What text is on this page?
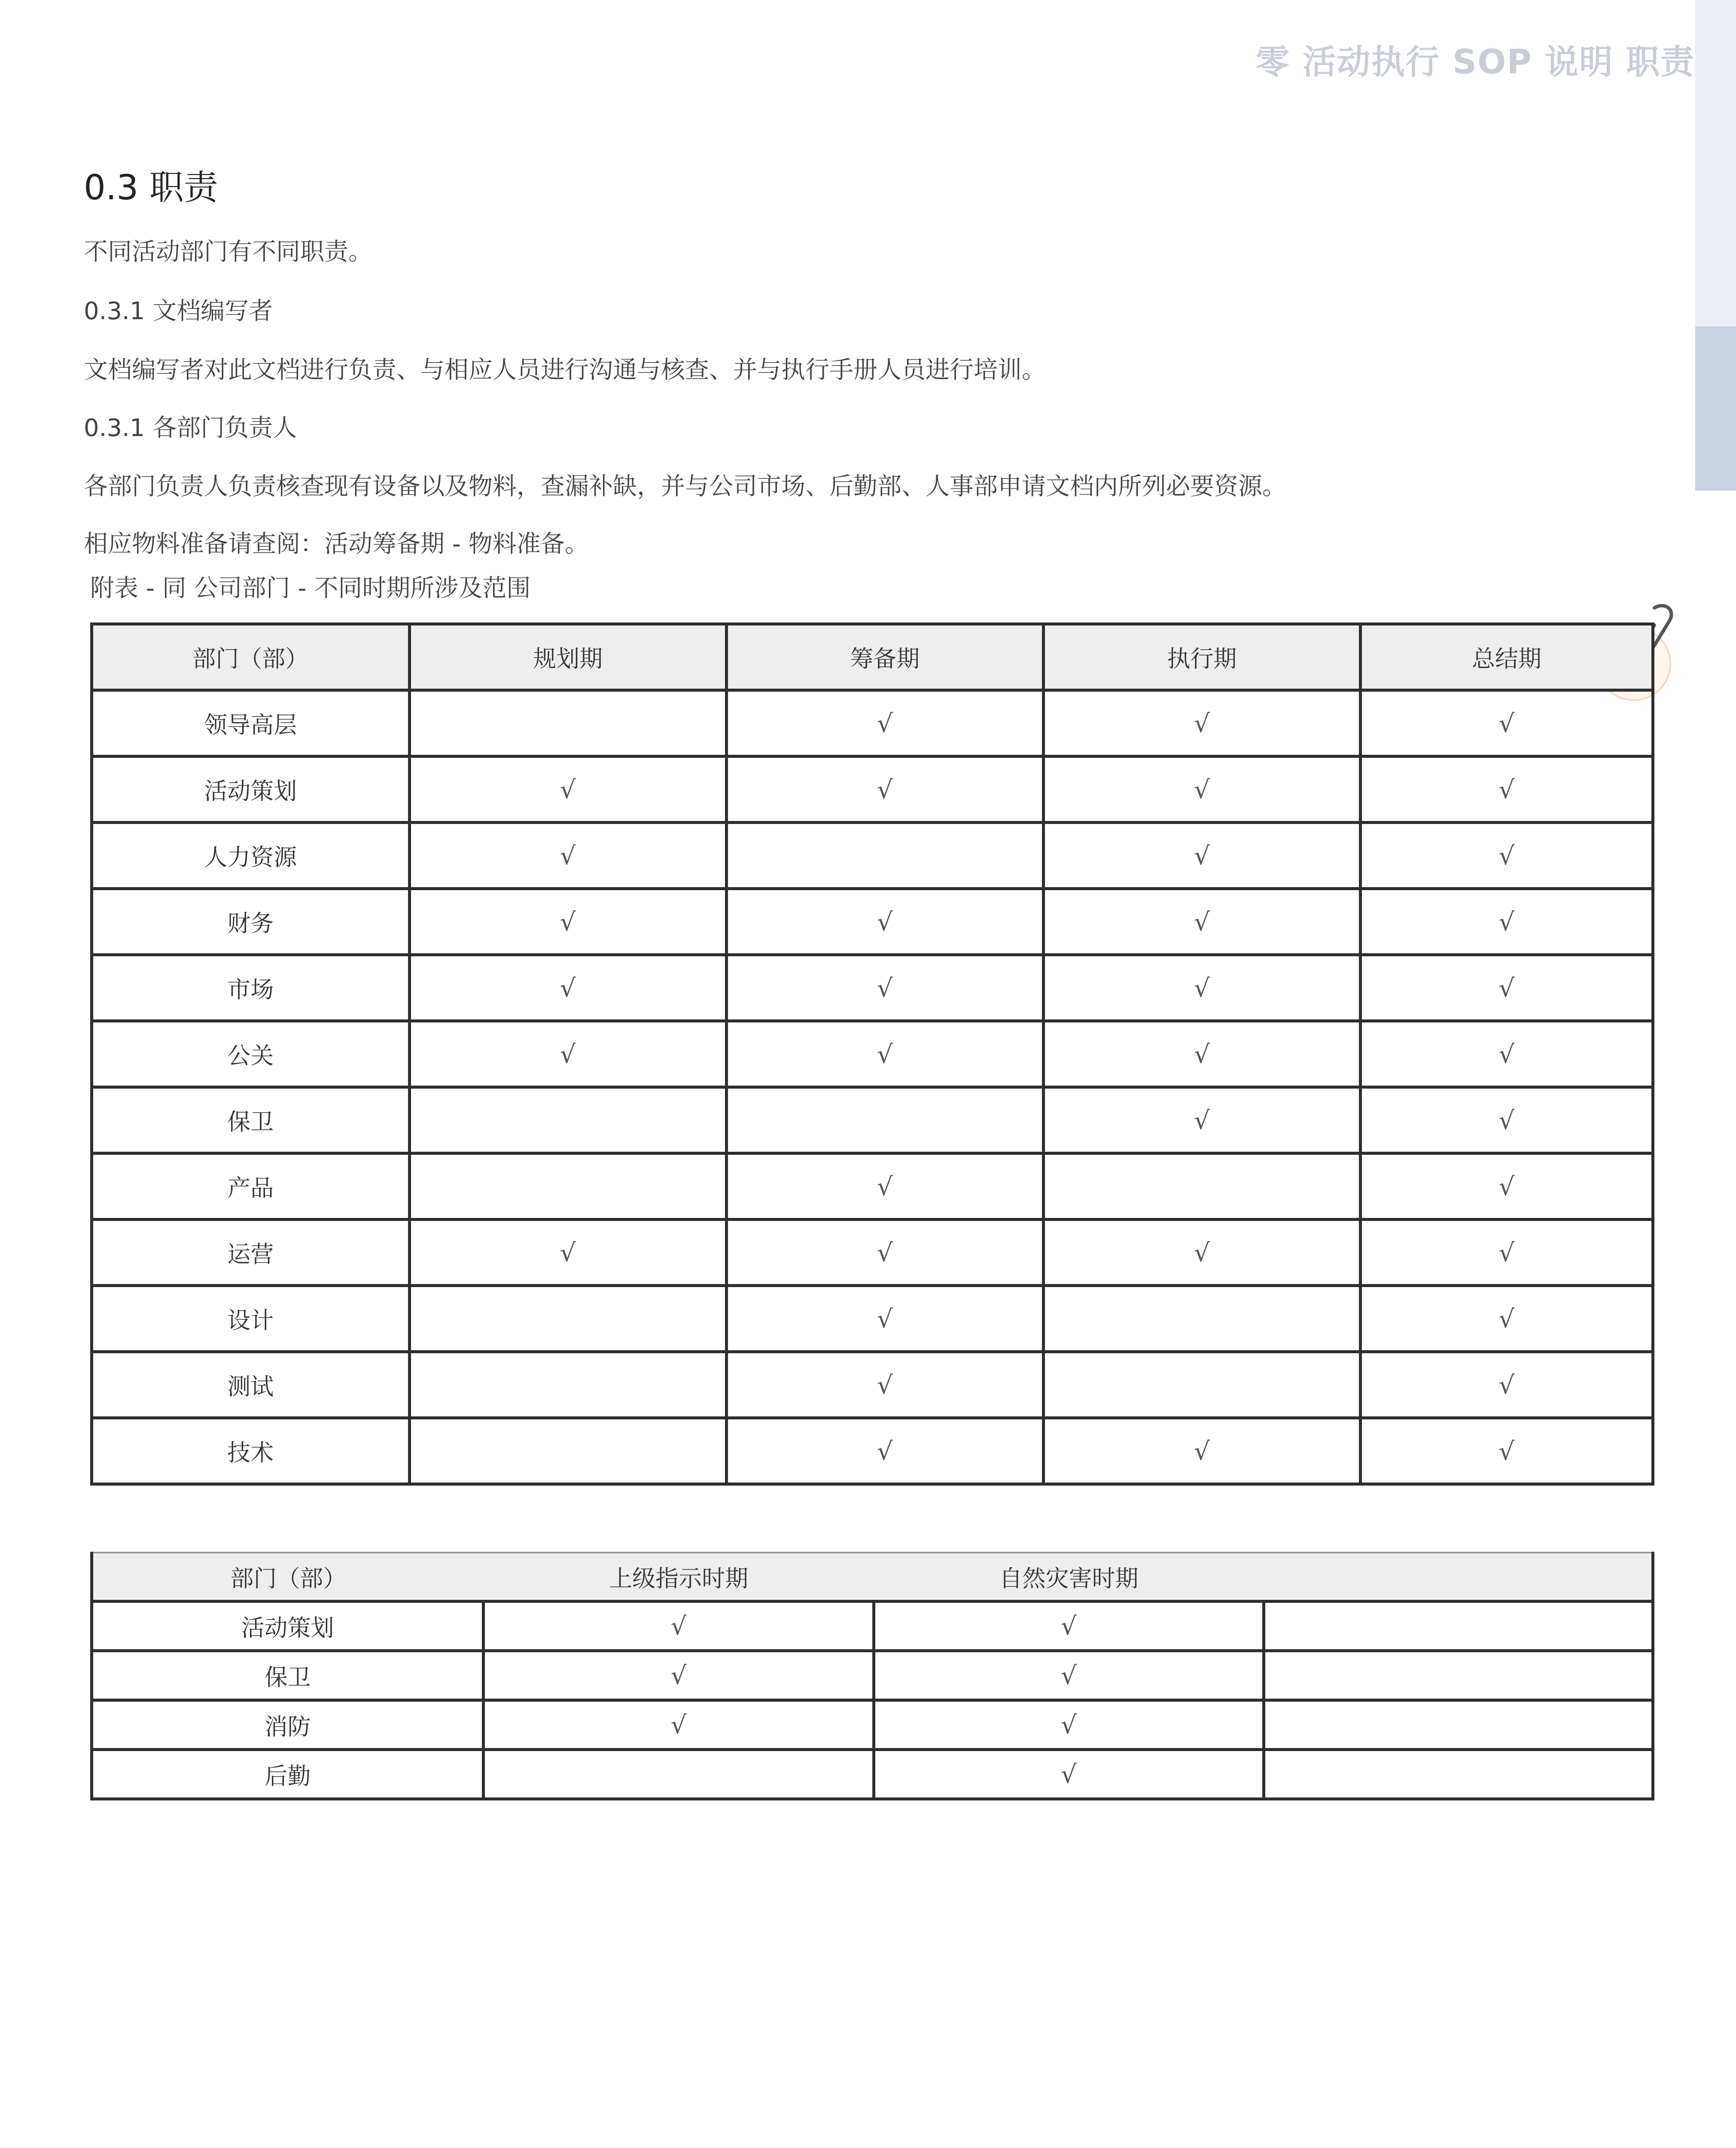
零 活动执行 SOP 说明 职责
0.3 职责
不同活动部门有不同职责。
0.3.1 文档编写者
文档编写者对此文档进行负责、与相应人员进行沟通与核查、并与执行手册人员进行培训。
0.3.1 各部门负责人
各部门负责人负责核查现有设备以及物料，查漏补缺，并与公司市场、后勤部、人事部申请文档内所列必要资源。
相应物料准备请查阅：活动筹备期 - 物料准备。
附表 - 同 公司部门 - 不同时期所涉及范围
部门（部）	规划期	筹备期	执行期	总结期
领导高层		√	√	√
活动策划	√	√	√	√
人力资源	√		√	√
财务	√	√	√	√
市场	√	√	√	√
公关	√	√	√	√
保卫			√	√
产品		√		√
运营	√	√	√	√
设计		√		√
测试		√		√
技术		√	√	√
部门（部）	上级指示时期	自然灾害时期	
活动策划	√	√	
保卫	√	√	
消防	√	√	
后勤		√	
